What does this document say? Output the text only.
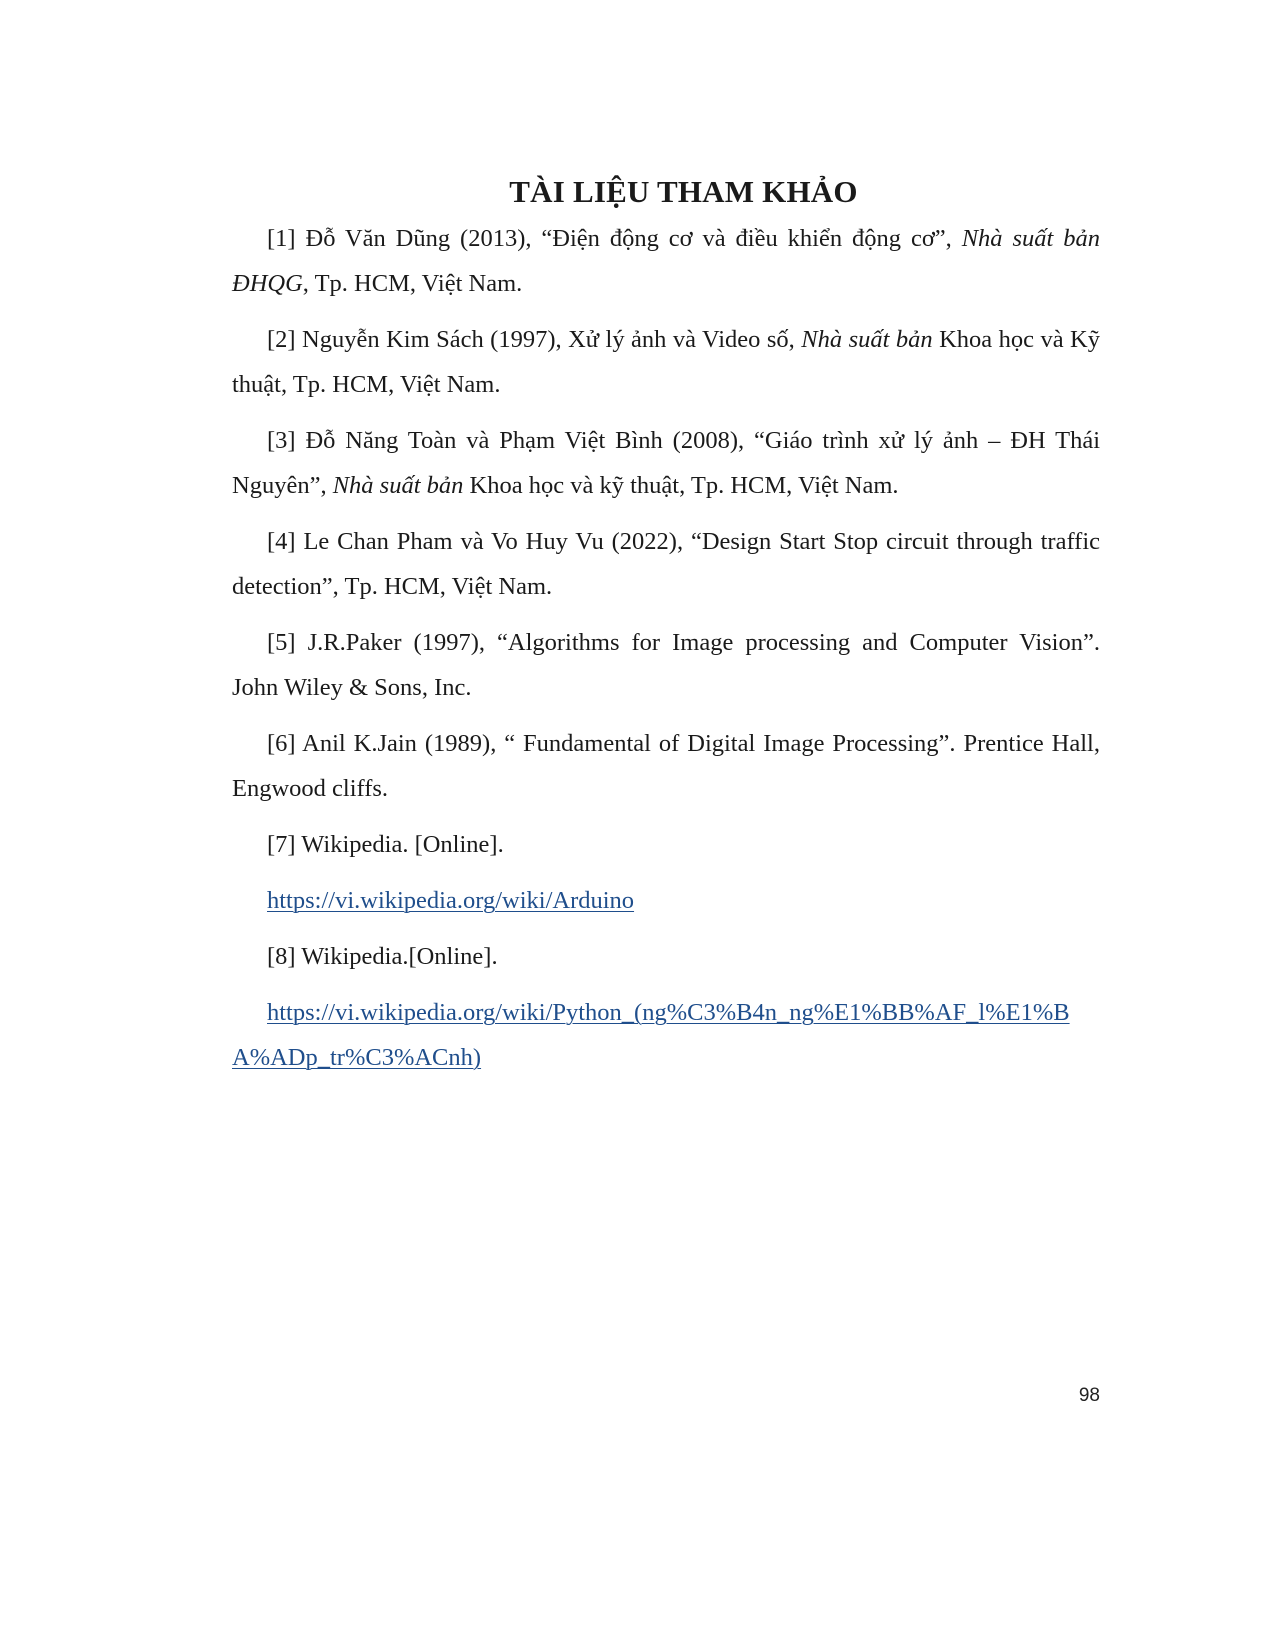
TÀI LIỆU THAM KHẢO

[1] Đỗ Văn Dũng (2013), “Điện động cơ và điều khiển động cơ”, Nhà suất bản ĐHQG, Tp. HCM, Việt Nam.

[2] Nguyễn Kim Sách (1997), Xử lý ảnh và Video số, Nhà suất bản Khoa học và Kỹ thuật, Tp. HCM, Việt Nam.

[3] Đỗ Năng Toàn và Phạm Việt Bình (2008), “Giáo trình xử lý ảnh – ĐH Thái Nguyên”, Nhà suất bản Khoa học và kỹ thuật, Tp. HCM, Việt Nam.

[4] Le Chan Pham và Vo Huy Vu (2022), “Design Start Stop circuit through traffic detection”, Tp. HCM, Việt Nam.

[5] J.R.Paker (1997), “Algorithms for Image processing and Computer Vision”.  John Wiley & Sons, Inc.

[6] Anil K.Jain (1989), “ Fundamental of Digital Image Processing”. Prentice Hall, Engwood cliffs.

[7] Wikipedia. [Online].

https://vi.wikipedia.org/wiki/Arduino

[8] Wikipedia.[Online].

https://vi.wikipedia.org/wiki/Python_(ng%C3%B4n_ng%E1%BB%AF_l%E1%BA%ADp_tr%C3%ACnh)

98
